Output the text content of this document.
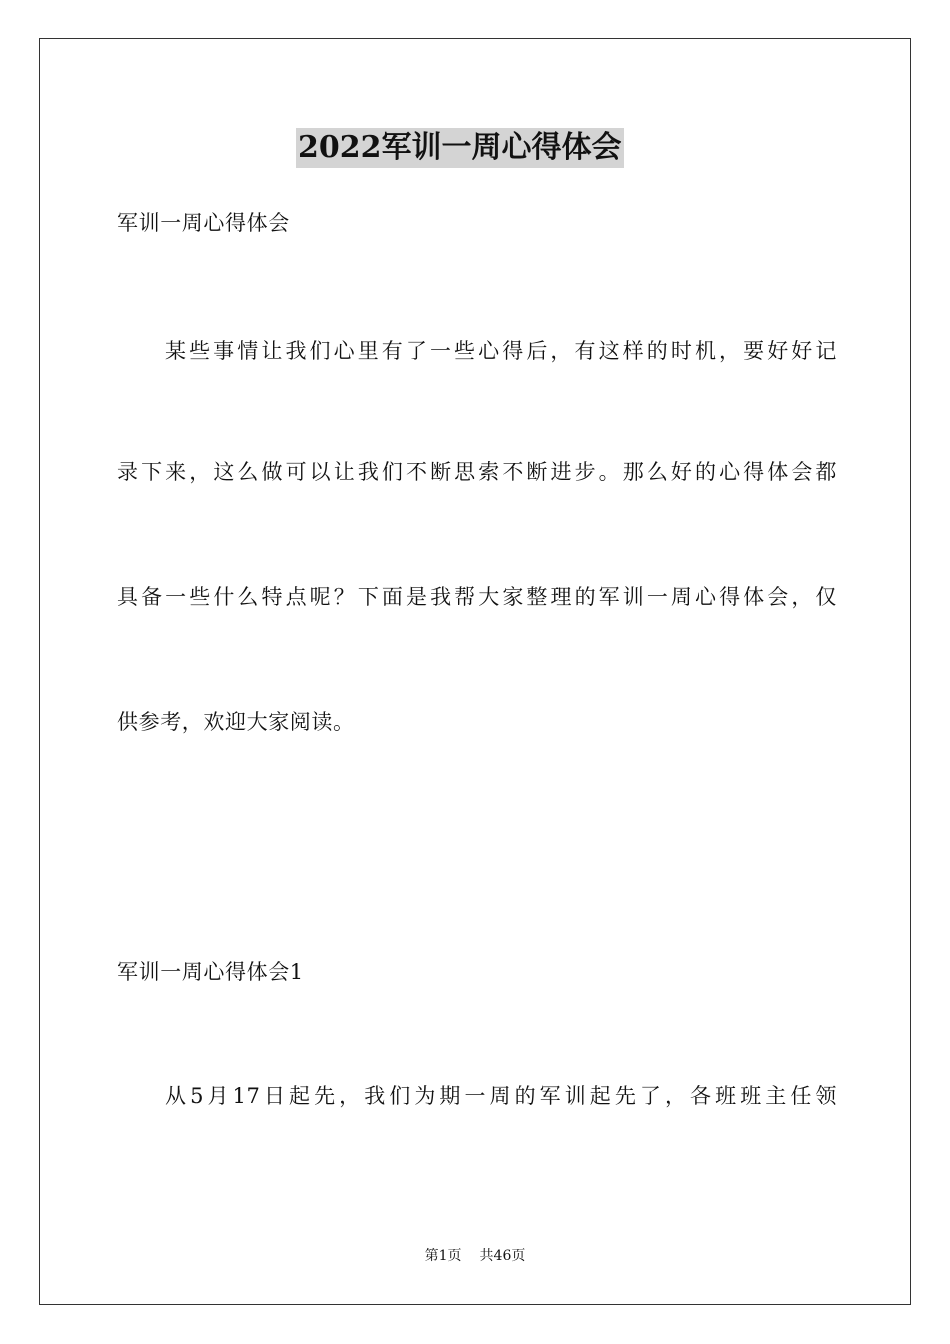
2022军训一周心得体会
军训一周心得体会
某些事情让我们心里有了一些心得后，有这样的时机，要好好记
录下来，这么做可以让我们不断思索不断进步。那么好的心得体会都
具备一些什么特点呢？下面是我帮大家整理的军训一周心得体会，仅
供参考，欢迎大家阅读。
军训一周心得体会1
从5月17日起先，我们为期一周的军训起先了，各班班主任领
第1页 共46页
